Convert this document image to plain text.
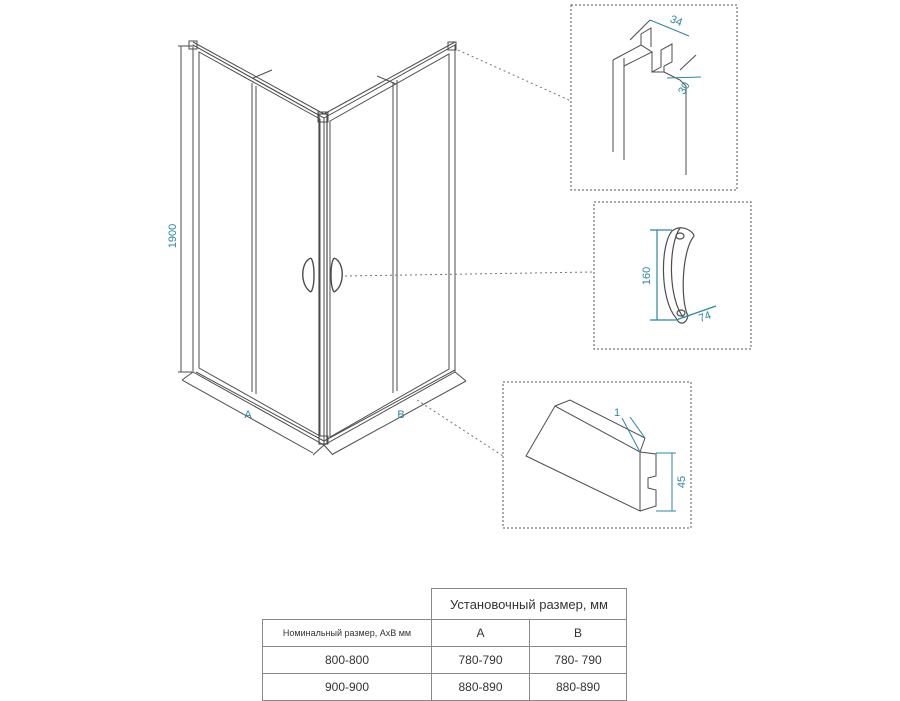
1900
A	B
34
30
160
74
1
45
	Установочный размер, мм	
Номинальный размер, AxB мм	A	B
800-800	780-790	780- 790
900-900	880-890	880-890
